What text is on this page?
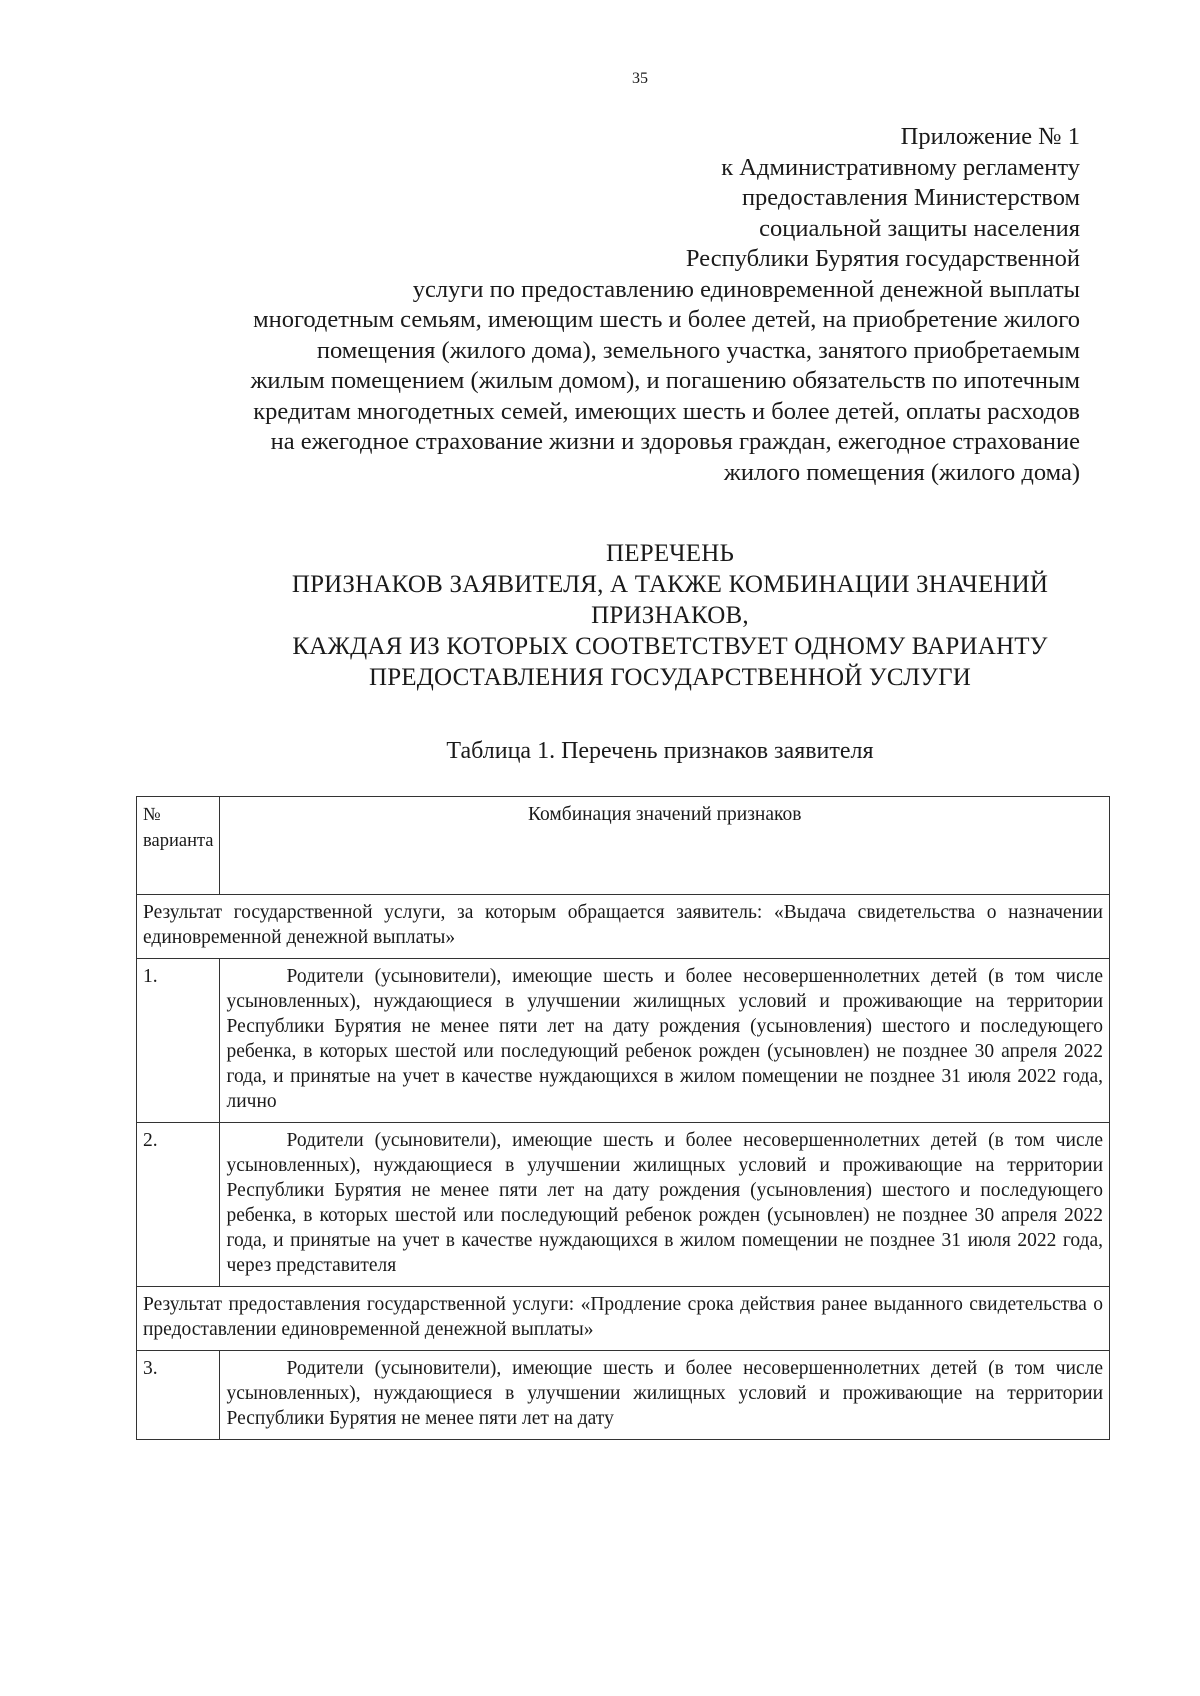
35
Приложение № 1
к Административному регламенту
предоставления Министерством
социальной защиты населения
Республики Бурятия государственной
услуги по предоставлению единовременной денежной выплаты
многодетным семьям, имеющим шесть и более детей, на приобретение жилого
помещения (жилого дома), земельного участка, занятого приобретаемым
жилым помещением (жилым домом), и погашению обязательств по ипотечным
кредитам многодетных семей, имеющих шесть и более детей, оплаты расходов
на ежегодное страхование жизни и здоровья граждан, ежегодное страхование
жилого помещения (жилого дома)
ПЕРЕЧЕНЬ
ПРИЗНАКОВ ЗАЯВИТЕЛЯ, А ТАКЖЕ КОМБИНАЦИИ ЗНАЧЕНИЙ
ПРИЗНАКОВ,
КАЖДАЯ ИЗ КОТОРЫХ СООТВЕТСТВУЕТ ОДНОМУ ВАРИАНТУ
ПРЕДОСТАВЛЕНИЯ ГОСУДАРСТВЕННОЙ УСЛУГИ
Таблица 1. Перечень признаков заявителя
№ варианта	Комбинация значений признаков
Результат государственной услуги, за которым обращается заявитель: «Выдача свидетельства о назначении единовременной денежной выплаты»	
1.	Родители (усыновители), имеющие шесть и более несовершеннолетних детей (в том числе усыновленных), нуждающиеся в улучшении жилищных условий и проживающие на территории Республики Бурятия не менее пяти лет на дату рождения (усыновления) шестого и последующего ребенка, в которых шестой или последующий ребенок рожден (усыновлен) не позднее 30 апреля 2022 года, и принятые на учет в качестве нуждающихся в жилом помещении не позднее 31 июля 2022 года, лично

2.	Родители (усыновители), имеющие шесть и более несовершеннолетних детей (в том числе усыновленных), нуждающиеся в улучшении жилищных условий и проживающие на территории Республики Бурятия не менее пяти лет на дату рождения (усыновления) шестого и последующего ребенка, в которых шестой или последующий ребенок рожден (усыновлен) не позднее 30 апреля 2022 года, и принятые на учет в качестве нуждающихся в жилом помещении не позднее 31 июля 2022 года, через представителя

Результат предоставления государственной услуги: «Продление срока действия ранее выданного свидетельства о предоставлении единовременной денежной выплаты»	
3.	Родители (усыновители), имеющие шесть и более несовершеннолетних детей (в том числе усыновленных), нуждающиеся в улучшении жилищных условий и проживающие на территории Республики Бурятия не менее пяти лет на дату
